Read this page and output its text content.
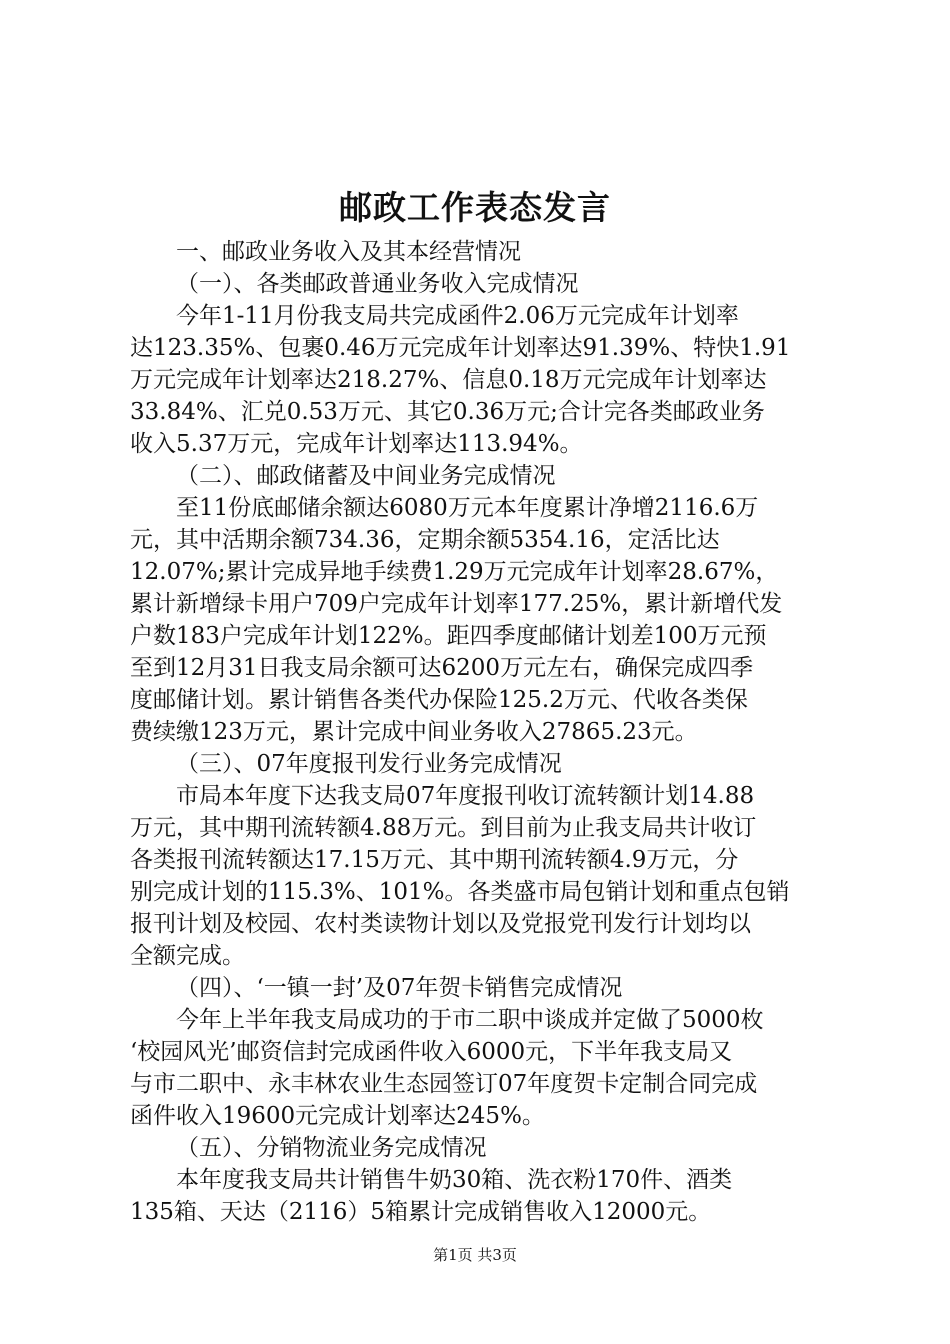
邮政工作表态发言
一、邮政业务收入及其本经营情况
（一）、各类邮政普通业务收入完成情况
今年1-11月份我支局共完成函件2.06万元完成年计划率
达123.35%、包裹0.46万元完成年计划率达91.39%、特快1.91
万元完成年计划率达218.27%、信息0.18万元完成年计划率达
33.84%、汇兑0.53万元、其它0.36万元;合计完各类邮政业务
收入5.37万元，完成年计划率达113.94%。
（二）、邮政储蓄及中间业务完成情况
至11份底邮储余额达6080万元本年度累计净增2116.6万
元，其中活期余额734.36，定期余额5354.16，定活比达
12.07%;累计完成异地手续费1.29万元完成年计划率28.67%，
累计新增绿卡用户709户完成年计划率177.25%，累计新增代发
户数183户完成年计划122%。距四季度邮储计划差100万元预
至到12月31日我支局余额可达6200万元左右，确保完成四季
度邮储计划。累计销售各类代办保险125.2万元、代收各类保
费续缴123万元，累计完成中间业务收入27865.23元。
（三）、07年度报刊发行业务完成情况
市局本年度下达我支局07年度报刊收订流转额计划14.88
万元，其中期刊流转额4.88万元。到目前为止我支局共计收订
各类报刊流转额达17.15万元、其中期刊流转额4.9万元，分
别完成计划的115.3%、101%。各类盛市局包销计划和重点包销
报刊计划及校园、农村类读物计划以及党报党刊发行计划均以
全额完成。
（四）、‘一镇一封’及07年贺卡销售完成情况
今年上半年我支局成功的于市二职中谈成并定做了5000枚
‘校园风光’邮资信封完成函件收入6000元，下半年我支局又
与市二职中、永丰林农业生态园签订07年度贺卡定制合同完成
函件收入19600元完成计划率达245%。
（五）、分销物流业务完成情况
本年度我支局共计销售牛奶30箱、洗衣粉170件、酒类
135箱、天达（2116）5箱累计完成销售收入12000元。
第1页 共3页
